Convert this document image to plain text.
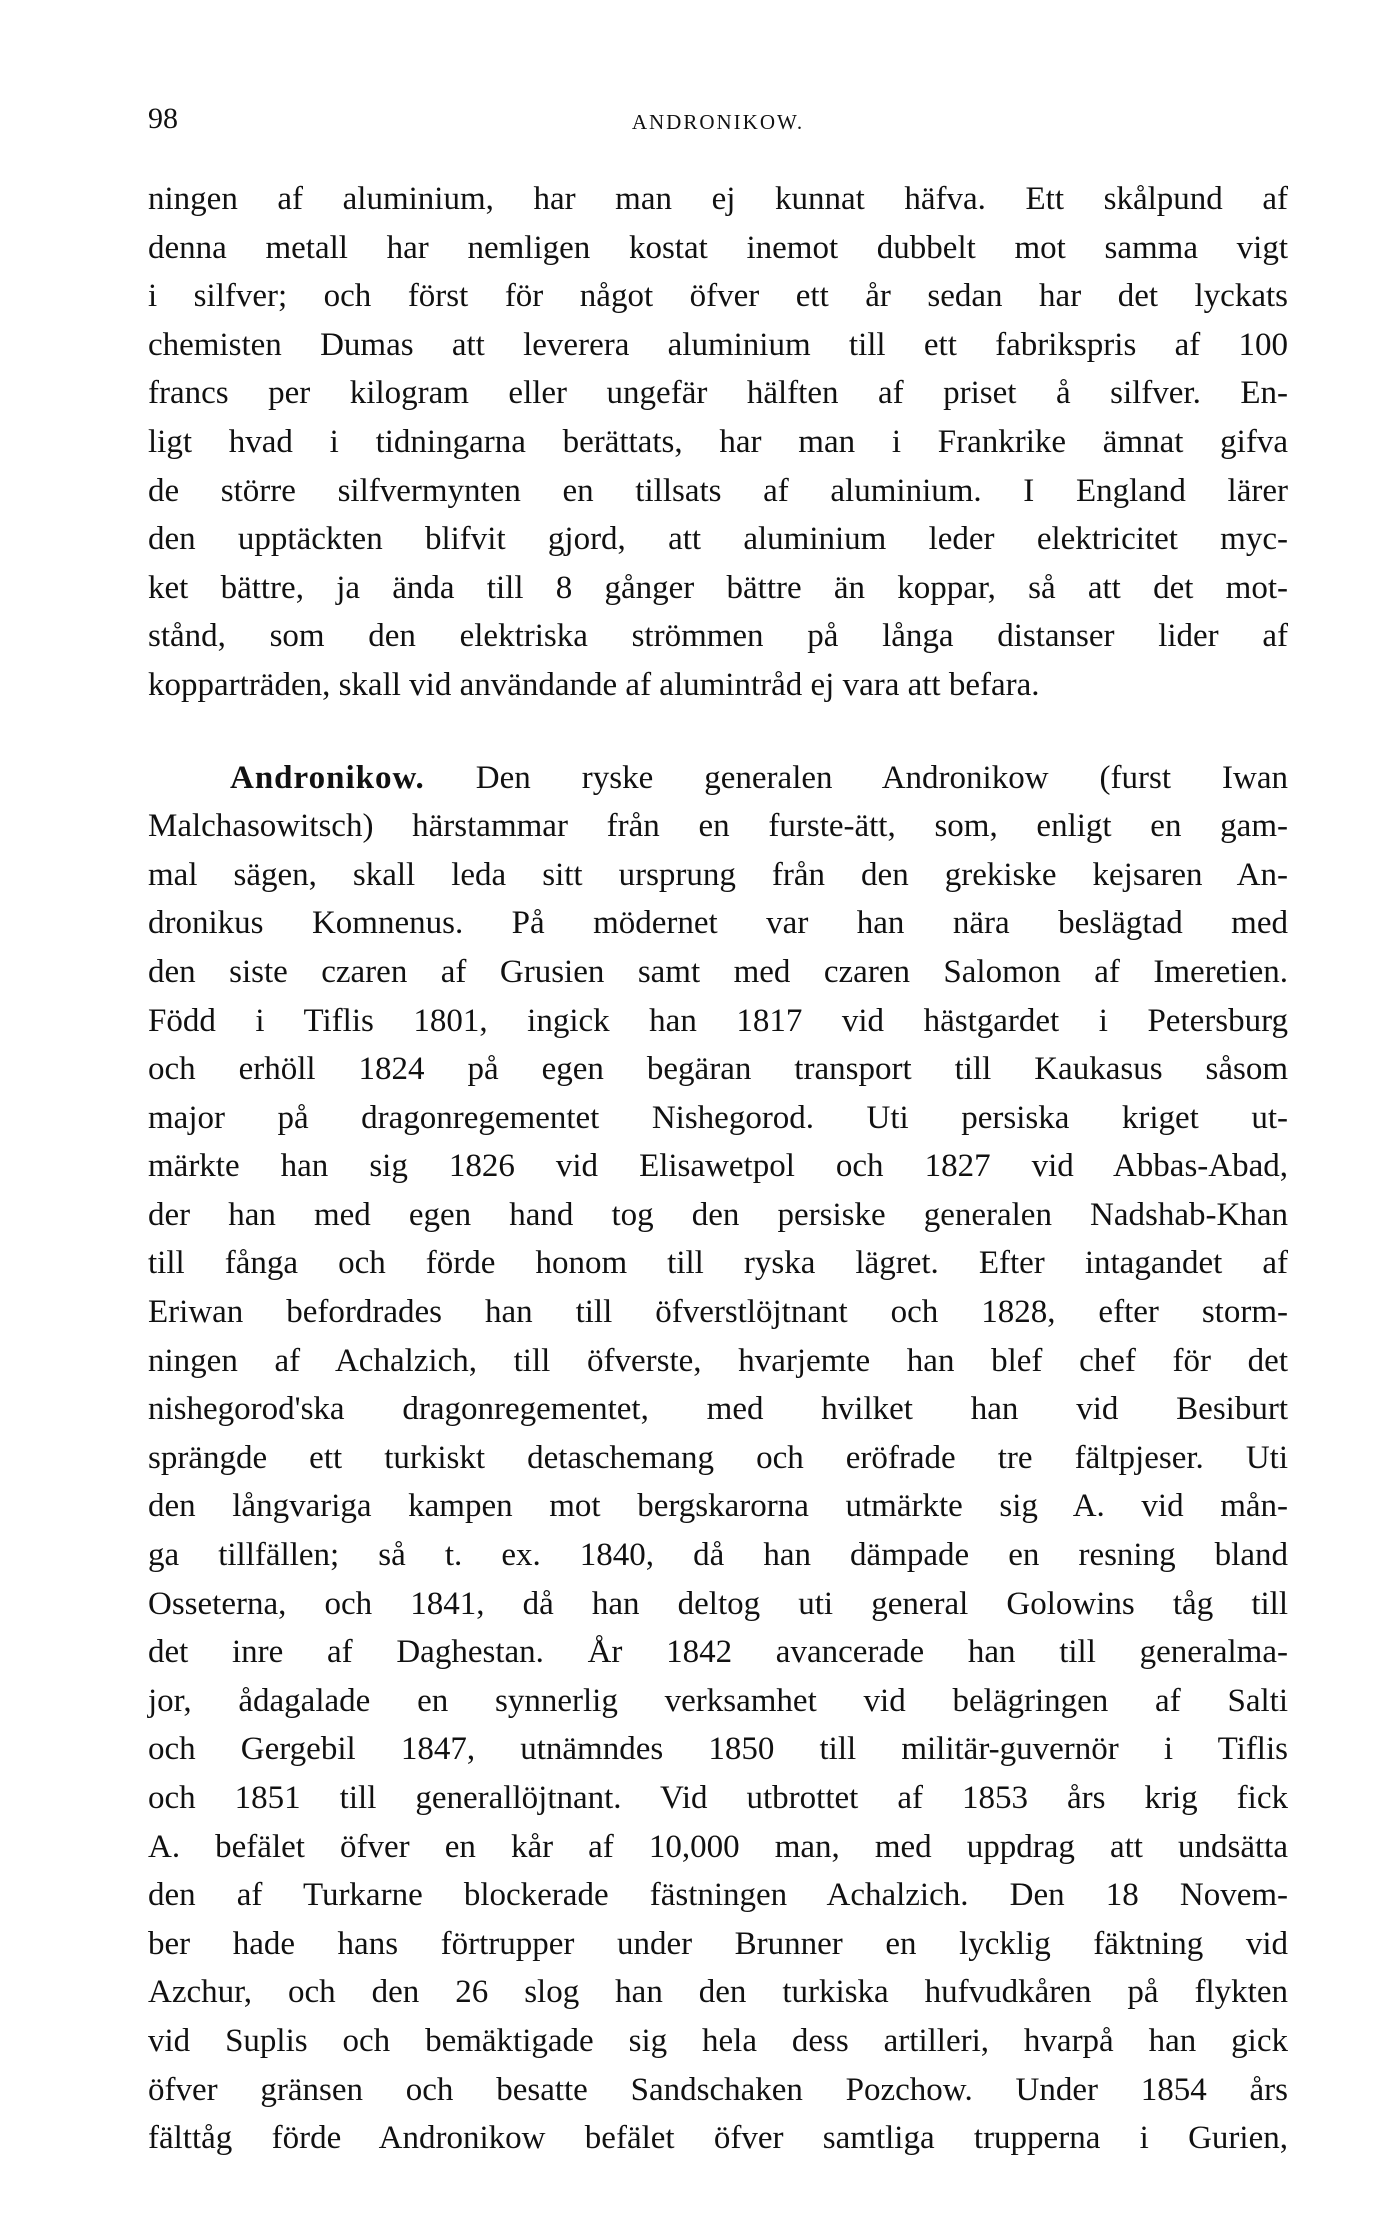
98	ANDRONIKOW.
ningen af aluminium, har man ej kunnat häfva. Ett skålpund af
denna metall har nemligen kostat inemot dubbelt mot samma vigt
i silfver; och först för något öfver ett år sedan har det lyckats
chemisten Dumas att leverera aluminium till ett fabrikspris af 100
francs per kilogram eller ungefär hälften af priset å silfver. En-
ligt hvad i tidningarna berättats, har man i Frankrike ämnat gifva
de större silfvermynten en tillsats af aluminium. I England lärer
den upptäckten blifvit gjord, att aluminium leder elektricitet myc-
ket bättre, ja ända till 8 gånger bättre än koppar, så att det mot-
stånd, som den elektriska strömmen på långa distanser lider af
kopparträden, skall vid användande af alumintråd ej vara att befara.
Andronikow. Den ryske generalen Andronikow (furst Iwan
Malchasowitsch) härstammar från en furste-ätt, som, enligt en gam-
mal sägen, skall leda sitt ursprung från den grekiske kejsaren An-
dronikus Komnenus. På mödernet var han nära beslägtad med
den siste czaren af Grusien samt med czaren Salomon af Imeretien.
Född i Tiflis 1801, ingick han 1817 vid hästgardet i Petersburg
och erhöll 1824 på egen begäran transport till Kaukasus såsom
major på dragonregementet Nishegorod. Uti persiska kriget ut-
märkte han sig 1826 vid Elisawetpol och 1827 vid Abbas-Abad,
der han med egen hand tog den persiske generalen Nadshab-Khan
till fånga och förde honom till ryska lägret. Efter intagandet af
Eriwan befordrades han till öfverstlöjtnant och 1828, efter storm-
ningen af Achalzich, till öfverste, hvarjemte han blef chef för det
nishegorod'ska dragonregementet, med hvilket han vid Besiburt
sprängde ett turkiskt detaschemang och eröfrade tre fältpjeser. Uti
den långvariga kampen mot bergskarorna utmärkte sig A. vid mån-
ga tillfällen; så t. ex. 1840, då han dämpade en resning bland
Osseterna, och 1841, då han deltog uti general Golowins tåg till
det inre af Daghestan. År 1842 avancerade han till generalma-
jor, ådagalade en synnerlig verksamhet vid belägringen af Salti
och Gergebil 1847, utnämndes 1850 till militär-guvernör i Tiflis
och 1851 till generallöjtnant. Vid utbrottet af 1853 års krig fick
A. befälet öfver en kår af 10,000 man, med uppdrag att undsätta
den af Turkarne blockerade fästningen Achalzich. Den 18 Novem-
ber hade hans förtrupper under Brunner en lycklig fäktning vid
Azchur, och den 26 slog han den turkiska hufvudkåren på flykten
vid Suplis och bemäktigade sig hela dess artilleri, hvarpå han gick
öfver gränsen och besatte Sandschaken Pozchow. Under 1854 års
fälttåg förde Andronikow befälet öfver samtliga trupperna i Gurien,
